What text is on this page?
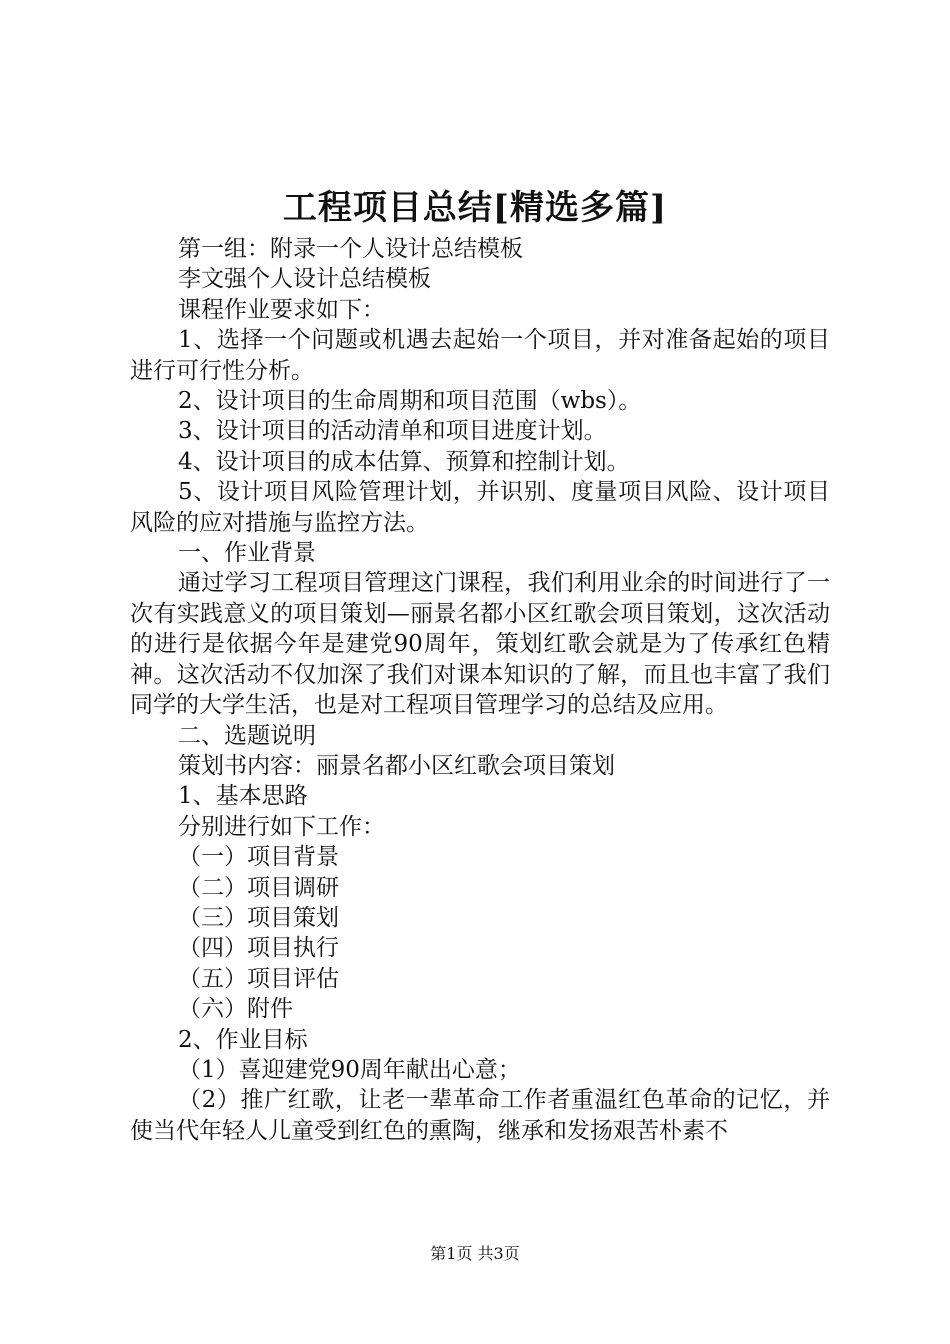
工程项目总结[精选多篇]

第一组：附录一个人设计总结模板

李文强个人设计总结模板

课程作业要求如下：

1、选择一个问题或机遇去起始一个项目，并对准备起始的项目进行可行性分析。

2、设计项目的生命周期和项目范围（wbs）。

3、设计项目的活动清单和项目进度计划。

4、设计项目的成本估算、预算和控制计划。

5、设计项目风险管理计划，并识别、度量项目风险、设计项目风险的应对措施与监控方法。

一、作业背景

通过学习工程项目管理这门课程，我们利用业余的时间进行了一次有实践意义的项目策划—丽景名都小区红歌会项目策划，这次活动的进行是依据今年是建党90周年，策划红歌会就是为了传承红色精神。这次活动不仅加深了我们对课本知识的了解，而且也丰富了我们同学的大学生活，也是对工程项目管理学习的总结及应用。

二、选题说明

策划书内容：丽景名都小区红歌会项目策划

1、基本思路

分别进行如下工作：

（一）项目背景

（二）项目调研

（三）项目策划

（四）项目执行

（五）项目评估

（六）附件

2、作业目标

（1）喜迎建党90周年献出心意；

（2）推广红歌，让老一辈革命工作者重温红色革命的记忆，并使当代年轻人儿童受到红色的熏陶，继承和发扬艰苦朴素不

第1页 共3页
